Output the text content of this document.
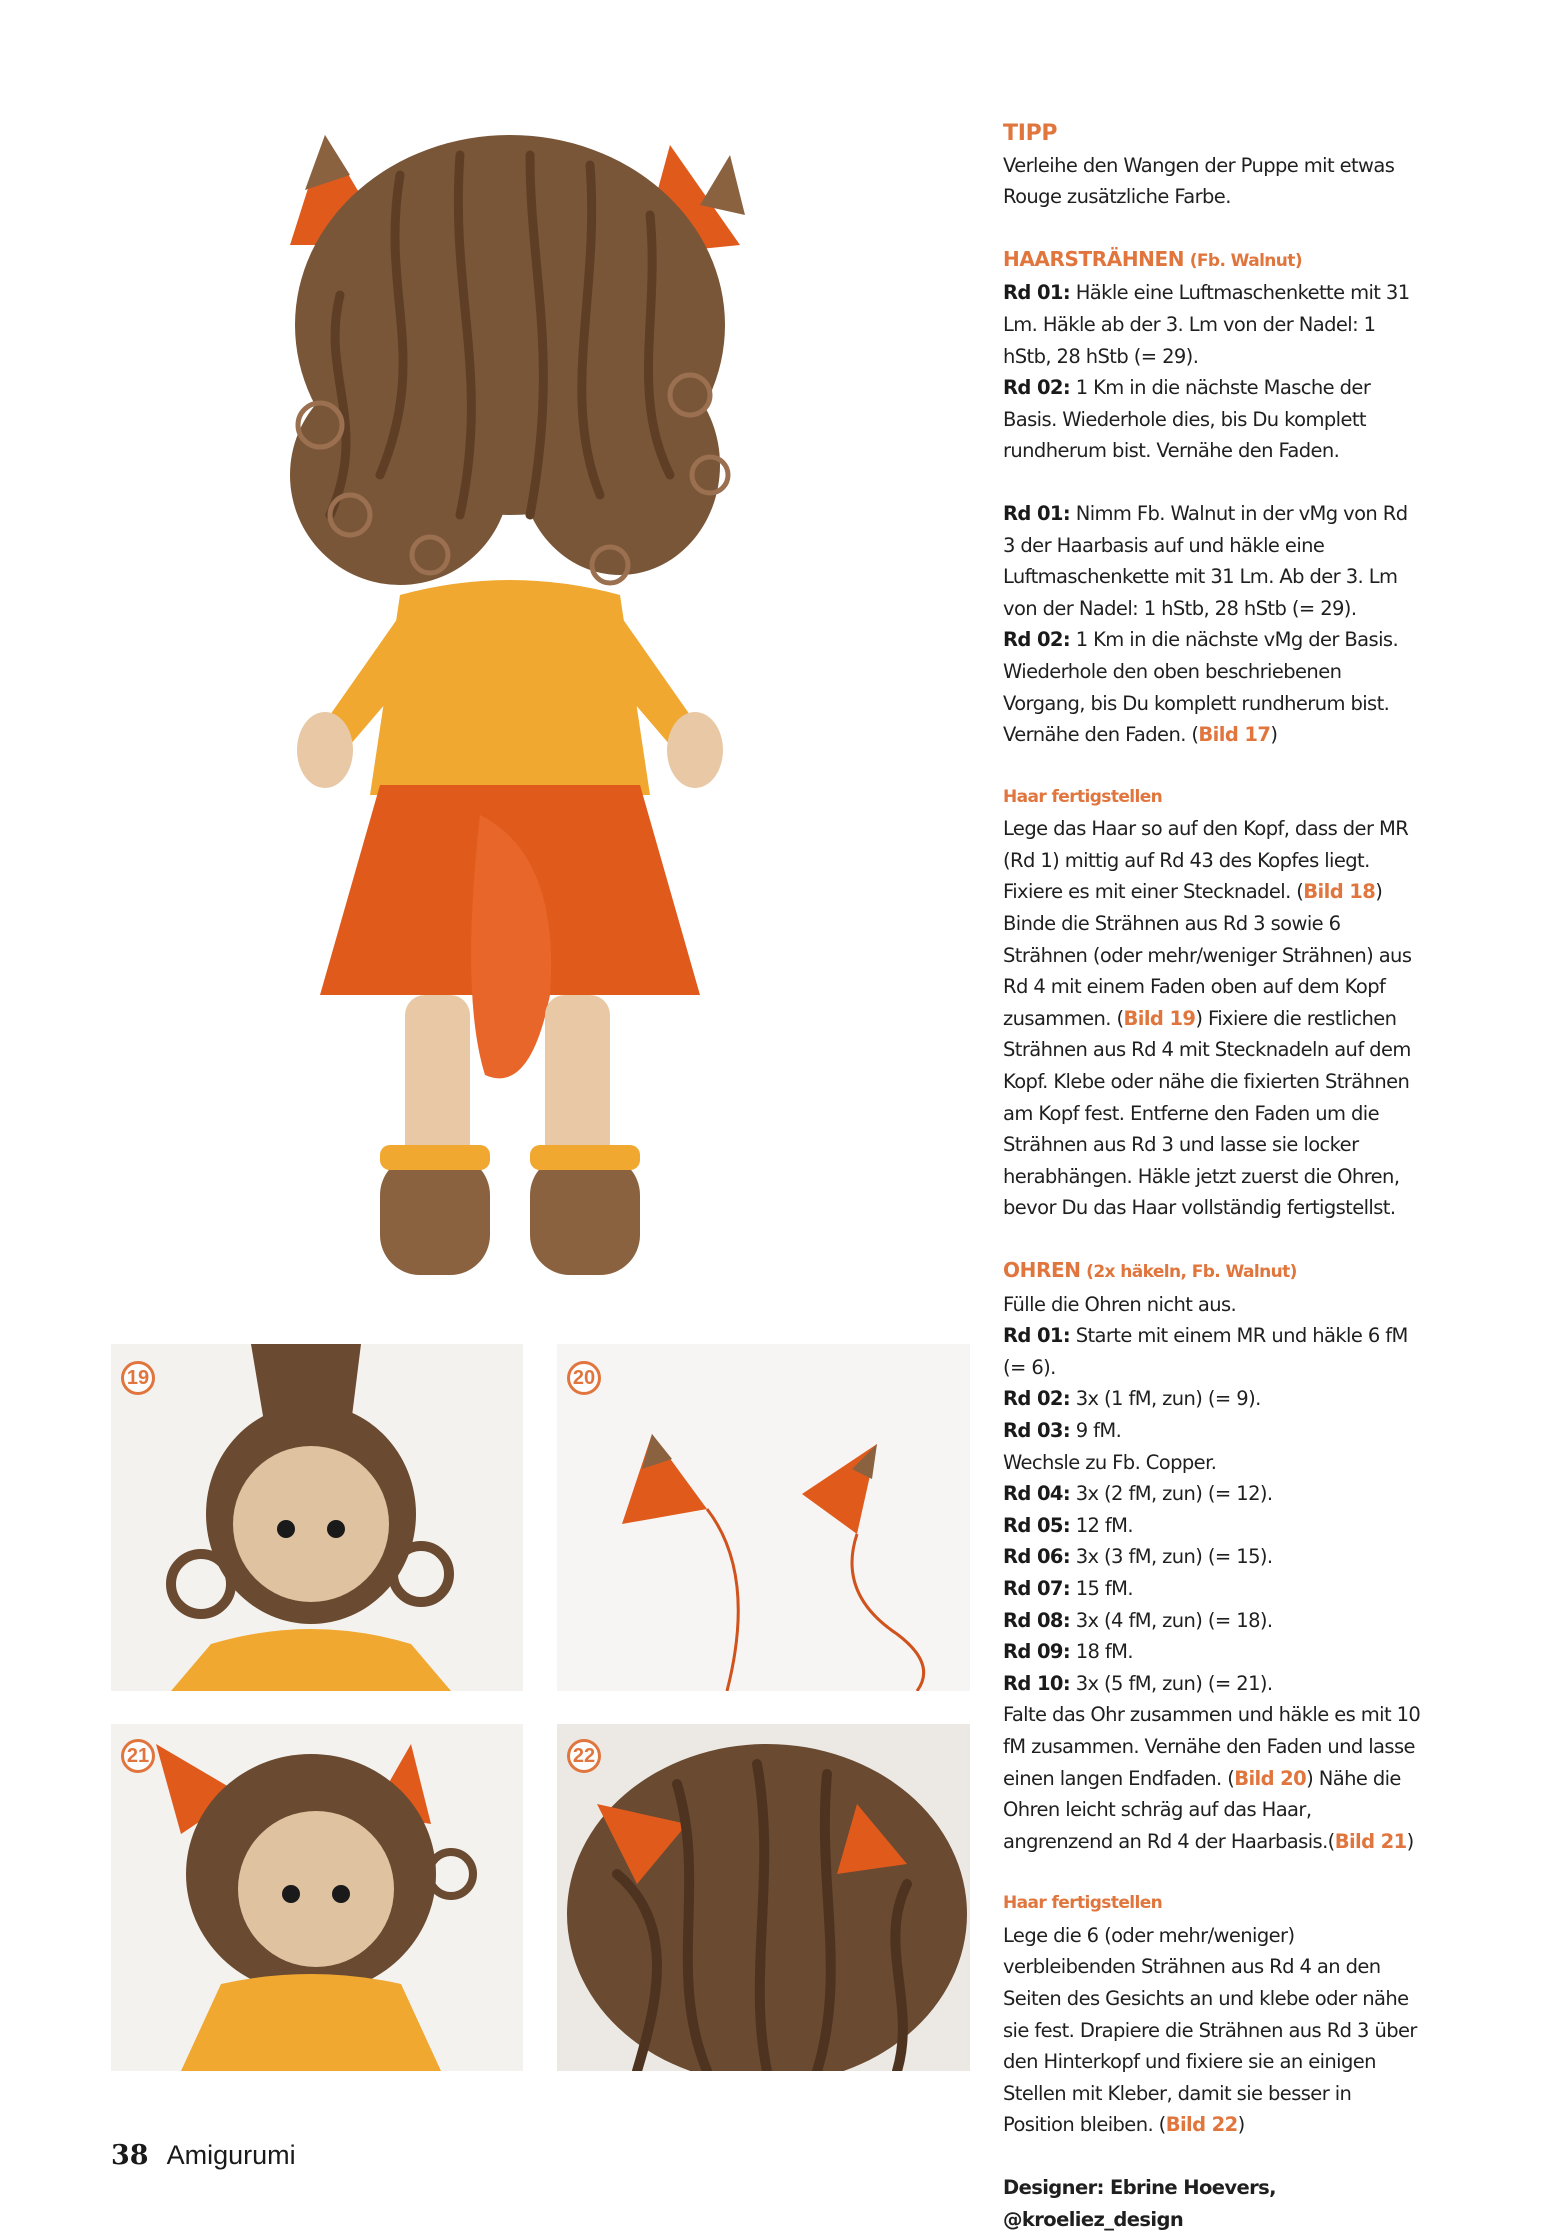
19	20
21	22

TIPP

Verleihe den Wangen der Puppe mit etwas Rouge zusätzliche Farbe.

HAARSTRÄHNEN (Fb. Walnut)

Rd 01: Häkle eine Luftmaschenkette mit 31 Lm. Häkle ab der 3. Lm von der Nadel: 1 hStb, 28 hStb (= 29).

Rd 02: 1 Km in die nächste Masche der Basis. Wiederhole dies, bis Du komplett rundherum bist. Vernähe den Faden.

Rd 01: Nimm Fb. Walnut in der vMg von Rd 3 der Haarbasis auf und häkle eine Luftmaschenkette mit 31 Lm. Ab der 3. Lm von der Nadel: 1 hStb, 28 hStb (= 29).

Rd 02: 1 Km in die nächste vMg der Basis. Wiederhole den oben beschriebenen Vorgang, bis Du komplett rundherum bist. Vernähe den Faden. (Bild 17)

Haar fertigstellen

Lege das Haar so auf den Kopf, dass der MR (Rd 1) mittig auf Rd 43 des Kopfes liegt. Fixiere es mit einer Stecknadel. (Bild 18) Binde die Strähnen aus Rd 3 sowie 6 Strähnen (oder mehr/weniger Strähnen) aus Rd 4 mit einem Faden oben auf dem Kopf zusammen. (Bild 19) Fixiere die restlichen Strähnen aus Rd 4 mit Stecknadeln auf dem Kopf. Klebe oder nähe die fixierten Strähnen am Kopf fest. Entferne den Faden um die Strähnen aus Rd 3 und lasse sie locker herabhängen. Häkle jetzt zuerst die Ohren, bevor Du das Haar vollständig fertigstellst.

OHREN (2x häkeln, Fb. Walnut)

Fülle die Ohren nicht aus.

Rd 01: Starte mit einem MR und häkle 6 fM (= 6).

Rd 02: 3x (1 fM, zun) (= 9).

Rd 03: 9 fM.

Wechsle zu Fb. Copper.

Rd 04: 3x (2 fM, zun) (= 12).

Rd 05: 12 fM.

Rd 06: 3x (3 fM, zun) (= 15).

Rd 07: 15 fM.

Rd 08: 3x (4 fM, zun) (= 18).

Rd 09: 18 fM.

Rd 10: 3x (5 fM, zun) (= 21).

Falte das Ohr zusammen und häkle es mit 10 fM zusammen. Vernähe den Faden und lasse einen langen Endfaden. (Bild 20) Nähe die Ohren leicht schräg auf das Haar, angrenzend an Rd 4 der Haarbasis.(Bild 21)

Haar fertigstellen

Lege die 6 (oder mehr/weniger) verbleibenden Strähnen aus Rd 4 an den Seiten des Gesichts an und klebe oder nähe sie fest. Drapiere die Strähnen aus Rd 3 über den Hinterkopf und fixiere sie an einigen Stellen mit Kleber, damit sie besser in Position bleiben. (Bild 22)

Designer: Ebrine Hoevers,

@kroeliez_design

38 Amigurumi
